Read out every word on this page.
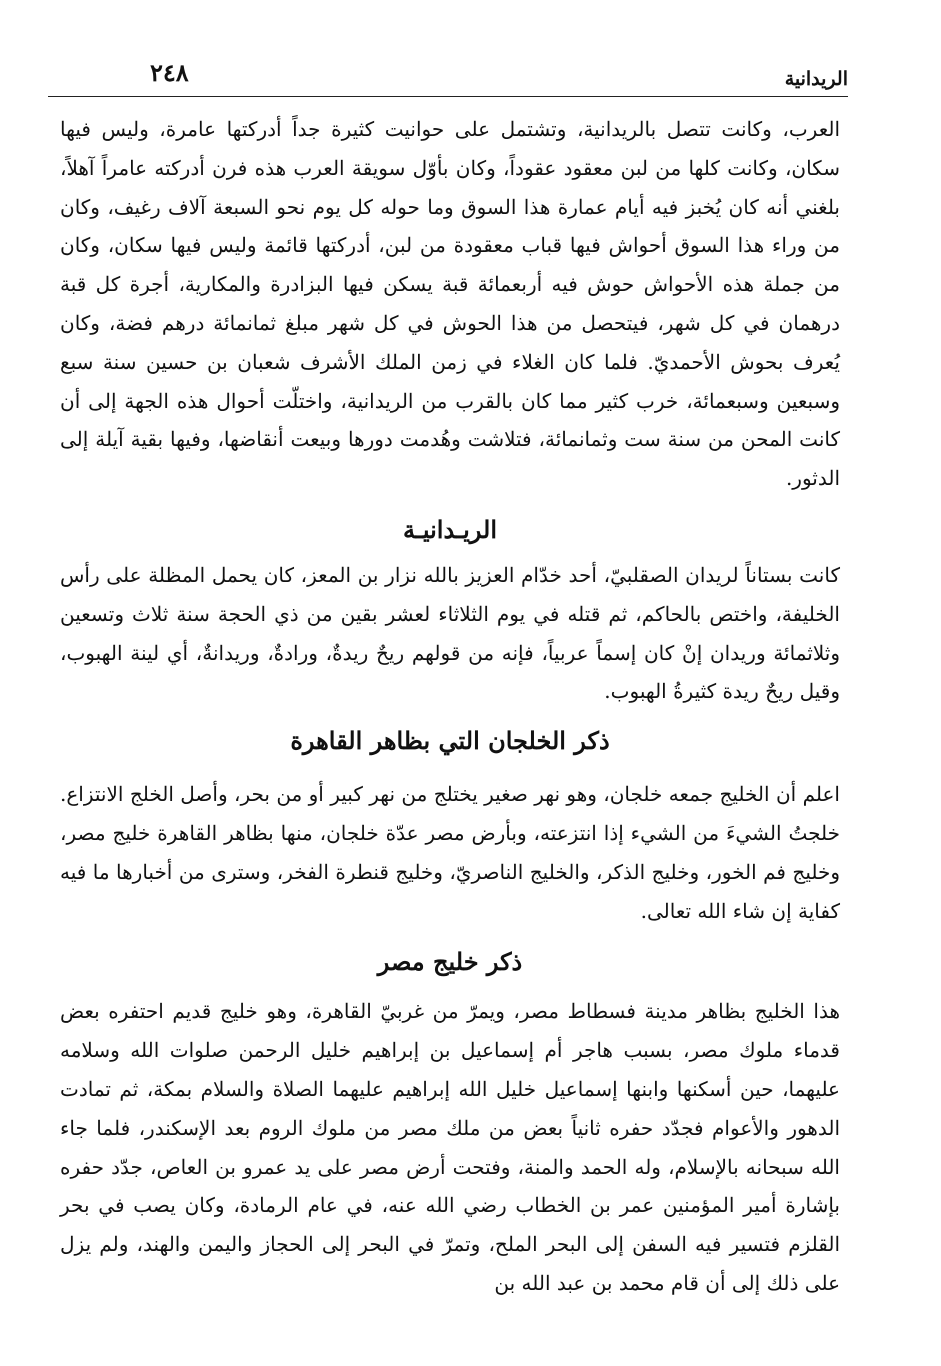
٢٤٨	الريدانية

العرب، وكانت تتصل بالريدانية، وتشتمل على حوانيت كثيرة جداً أدركتها عامرة، وليس فيها سكان، وكانت كلها من لبن معقود عقوداً، وكان بأوّل سويقة العرب هذه فرن أدركته عامراً آهلاً، بلغني أنه كان يُخبز فيه أيام عمارة هذا السوق وما حوله كل يوم نحو السبعة آلاف رغيف، وكان من وراء هذا السوق أحواش فيها قباب معقودة من لبن، أدركتها قائمة وليس فيها سكان، وكان من جملة هذه الأحواش حوش فيه أربعمائة قبة يسكن فيها البزادرة والمكارية، أجرة كل قبة درهمان في كل شهر، فيتحصل من هذا الحوش في كل شهر مبلغ ثمانمائة درهم فضة، وكان يُعرف بحوش الأحمديّ. فلما كان الغلاء في زمن الملك الأشرف شعبان بن حسين سنة سبع وسبعين وسبعمائة، خرب كثير مما كان بالقرب من الريدانية، واختلّت أحوال هذه الجهة إلى أن كانت المحن من سنة ست وثمانمائة، فتلاشت وهُدمت دورها وبيعت أنقاضها، وفيها بقية آيلة إلى الدثور.

الريـدانيـة

كانت بستاناً لريدان الصقلبيّ، أحد خدّام العزيز بالله نزار بن المعز، كان يحمل المظلة على رأس الخليفة، واختص بالحاكم، ثم قتله في يوم الثلاثاء لعشر بقين من ذي الحجة سنة ثلاث وتسعين وثلاثمائة وريدان إنْ كان إسماً عربياً، فإنه من قولهم ريحٌ ريدةٌ، ورادةٌ، وريدانةٌ، أي لينة الهبوب، وقيل ريحٌ ريدة كثيرةُ الهبوب.

ذكر الخلجان التي بظاهر القاهرة

اعلم أن الخليج جمعه خلجان، وهو نهر صغير يختلج من نهر كبير أو من بحر، وأصل الخلج الانتزاع. خلجتُ الشيءَ من الشيء إذا انتزعته، وبأرض مصر عدّة خلجان، منها بظاهر القاهرة خليج مصر، وخليج فم الخور، وخليج الذكر، والخليج الناصريّ، وخليج قنطرة الفخر، وسترى من أخبارها ما فيه كفاية إن شاء الله تعالى.

ذكر خليج مصر

هذا الخليج بظاهر مدينة فسطاط مصر، ويمرّ من غربيّ القاهرة، وهو خليج قديم احتفره بعض قدماء ملوك مصر، بسبب هاجر أم إسماعيل بن إبراهيم خليل الرحمن صلوات الله وسلامه عليهما، حين أسكنها وابنها إسماعيل خليل الله إبراهيم عليهما الصلاة والسلام بمكة، ثم تمادت الدهور والأعوام فجدّد حفره ثانياً بعض من ملك مصر من ملوك الروم بعد الإسكندر، فلما جاء الله سبحانه بالإسلام، وله الحمد والمنة، وفتحت أرض مصر على يد عمرو بن العاص، جدّد حفره بإشارة أمير المؤمنين عمر بن الخطاب رضي الله عنه، في عام الرمادة، وكان يصب في بحر القلزم فتسير فيه السفن إلى البحر الملح، وتمرّ في البحر إلى الحجاز واليمن والهند، ولم يزل على ذلك إلى أن قام محمد بن عبد الله بن
